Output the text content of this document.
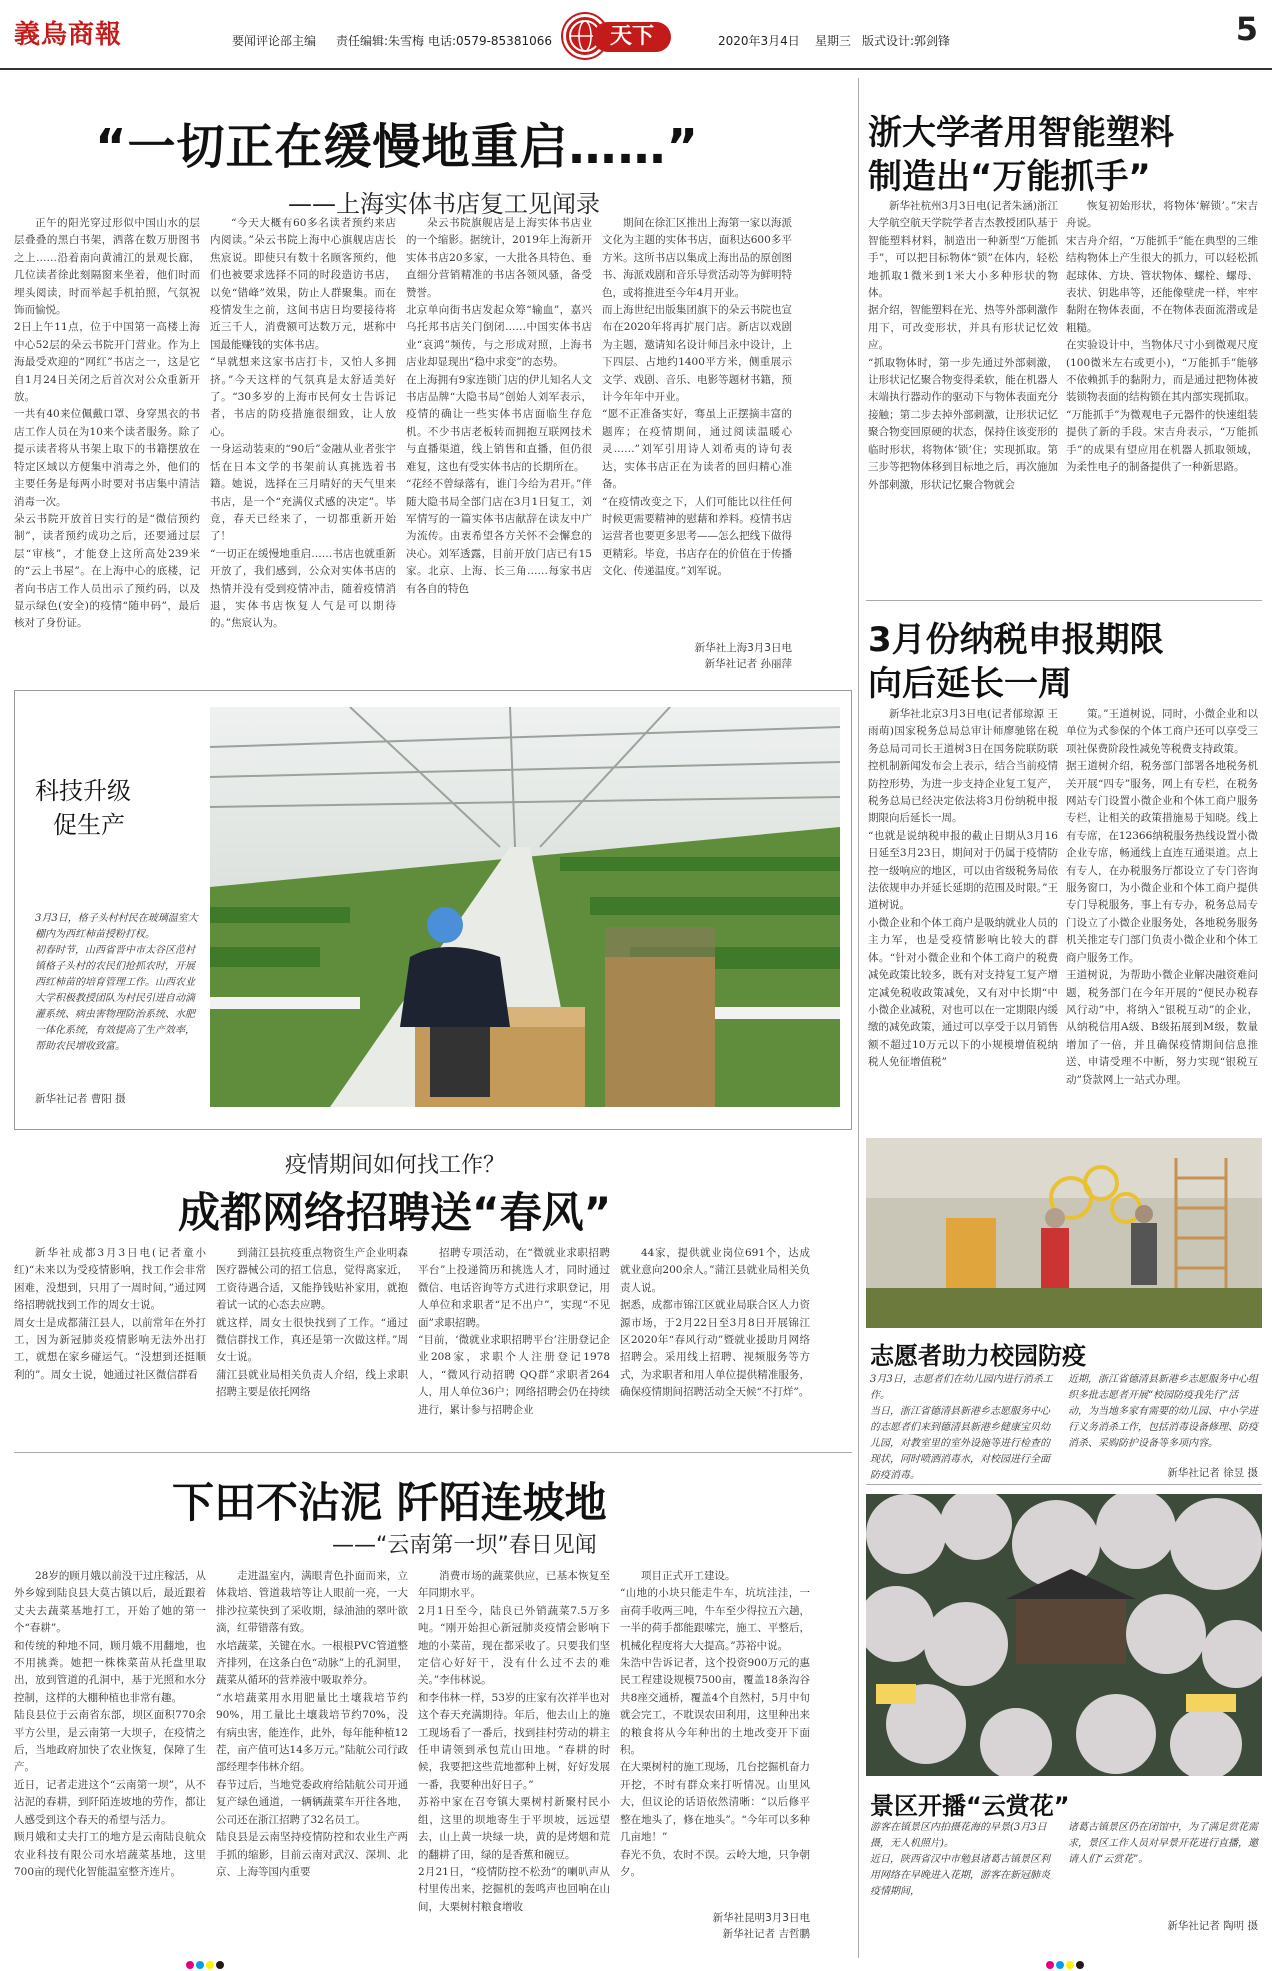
義烏商報	要闻评论部主编 责任编辑:朱雪梅 电话:0579-85381066	天下	2020年3月4日 星期三 版式设计:郭剑锋	5
“一切正在缓慢地重启……”
——上海实体书店复工见闻录

正午的阳光穿过形似中国山水的层层叠叠的黑白书架，洒落在数万册图书之上……沿着南向黄浦江的景观长廊，几位读者徐此刻隔窗来坐着，他们时而埋头阅读，时而举起手机拍照，气氛祝饰而愉悦。
2日上午11点，位于中国第一高楼上海中心52层的朵云书院开门营业。作为上海最受欢迎的“网红”书店之一，这是它自1月24日关闭之后首次对公众重新开放。
一共有40来位佩戴口罩、身穿黑衣的书店工作人员在为10来个读者服务。除了提示读者将从书架上取下的书籍摆放在特定区域以方便集中消毒之外，他们的主要任务是每两小时要对书店集中清洁消毒一次。
朵云书院开放首日实行的是“微信预约制”，读者预约成功之后，还要通过层层“审核”，才能登上这所高处239米的“云上书屋”。在上海中心的底楼，记者向书店工作人员出示了预约码，以及显示绿色(安全)的疫情“随申码”，最后核对了身份证。

“今天大概有60多名读者预约来店内阅读。”朵云书院上海中心旗舰店店长焦宸说。即使只有数十名顾客预约，他们也被要求选择不同的时段造访书店，以免“错峰”效果，防止人群聚集。而在疫情发生之前，这间书店日均要接待将近三千人，消费额可达数万元，堪称中国最能赚钱的实体书店。
“早就想来这家书店打卡，又怕人多拥挤。”今天这样的气氛真是太舒适美好了。“30多岁的上海市民何女士告诉记者，书店的防疫措施很细致，让人放心。
一身运动装束的“90后”金融从业者张宇恬在日本文学的书架前认真挑选着书籍。她说，选择在三月晴好的天气里来书店，是一个“充满仪式感的决定”。毕竟，春天已经来了，一切都重新开始了！
“一切正在缓慢地重启……书店也就重新开放了，我们感到，公众对实体书店的热情并没有受到疫情冲击，随着疫情消退，实体书店恢复人气是可以期待的。”焦宸认为。

朵云书院旗舰店是上海实体书店业的一个缩影。据统计，2019年上海新开实体书店20多家，一大批各具特色、垂直细分营销精准的书店各领风骚，备受赞誉。
北京单向街书店发起众筹“输血”，嘉兴乌托邦书店关门倒闭……中国实体书店业“哀鸿”频传，与之形成对照，上海书店业却显现出“稳中求变”的态势。
在上海拥有9家连锁门店的伊儿知名人文书店品牌“大隐书局”创始人刘军表示，疫情的确让一些实体书店面临生存危机。不少书店老板转而拥抱互联网技术与直播渠道，线上销售和直播，但仍很难复，这也有受实体书店的长期所在。
“花经不曾绿落有，谁门今给为君开。”伴随大隐书局全部门店在3月1日复工，刘军情写的一篇实体书店献辞在读友中广为流传。由衷希望各方关怀不会懈怠的决心。刘军透露，目前开放门店已有15家。北京、上海、长三角……每家书店有各自的特色

期间在徐汇区推出上海第一家以海派文化为主题的实体书店，面积达600多平方米。这所书店以集成上海出品的原创图书、海派戏剧和音乐导赏活动等为鲜明特色，或将推进至今年4月开业。
而上海世纪出版集团旗下的朵云书院也宣布在2020年将再扩展门店。新店以戏剧为主题，邀请知名设计师吕永中设计，上下四层、占地约1400平方米，侧重展示文学、戏剧、音乐、电影等题材书籍，预计今年年中开业。
“愿不正准备实好，骞虽上正摆摘丰富的题库；在疫情期间，通过阅读温暖心灵……”刘军引用诗人刘希夷的诗句表达，实体书店正在为读者的回归精心准备。
“在疫情改变之下，人们可能比以往任何时候更需要精神的慰藉和养料。疫情书店运营者也要更多思考——怎么把线下做得更精彩。毕竟，书店存在的价值在于传播文化、传递温度。”刘军说。

新华社上海3月3日电
新华社记者 孙丽萍
浙大学者用智能塑料
制造出“万能抓手”

新华社杭州3月3日电(记者朱涵)浙江大学航空航天学院学者吉杰教授团队基于智能塑料材料，制造出一种新型“万能抓手”，可以把目标物体“锁”在体内，轻松地抓取1微米到1米大小多种形状的物体。
据介绍，智能塑料在光、热等外部刺激作用下，可改变形状，并具有形状记忆效应。
“抓取物体时，第一步先通过外部刺激，让形状记忆聚合物变得柔软，能在机器人末端执行器动作的驱动下与物体表面充分接触；第二步去掉外部刺激，让形状记忆聚合物变回原硬的状态，保持住该变形的临时形状，将物体‘锁’住；实现抓取。第三步等把物体移到目标地之后，再次施加外部刺激，形状记忆聚合物就会

恢复初始形状，将物体‘解锁’。”宋吉舟说。
宋吉舟介绍，“万能抓手”能在典型的三维结构物体上产生很大的抓力，可以轻松抓起球体、方块、管状物体、螺栓、螺母、表状、钥匙串等，还能像壁虎一样，牢牢黏附在物体表面，不在物体表面流潜或是粗糙。
在实验设计中，当物体尺寸小到微观尺度(100微米左右或更小)，“万能抓手”能够不依赖抓手的黏附力，而是通过把物体被装锁物表面的结构锁在其内部实现抓取。
“万能抓手”为微观电子元器件的快速组装提供了新的手段。宋吉舟表示，“万能抓手”的成果有望应用在机器人抓取领域，为柔性电子的制备提供了一种新思路。

3月份纳税申报期限
向后延长一周

新华社北京3月3日电(记者郁琼源 王雨萌)国家税务总局总审计师廖驰铭在税务总局司司长王道树3日在国务院联防联控机制新闻发布会上表示，结合当前疫情防控形势，为进一步支持企业复工复产，税务总局已经决定依法将3月份纳税申报期限向后延长一周。
“也就是说纳税申报的截止日期从3月16日延至3月23日，期间对于仍属于疫情防控一级响应的地区，可以由省级税务局依法依规申办并延长延期的范围及时限。”王道树说。
小微企业和个体工商户是吸纳就业人员的主力军，也是受疫情影响比较大的群体。“针对小微企业和个体工商户的税费减免政策比较多，既有对支持复工复产增定减免税收政策减免，又有对中长期“中小微企业减税，对也可以在一定期限内缓缴的减免政策，通过可以享受于以月销售额不超过10万元以下的小规模增值税纳税人免征增值税”

策。”王道树说，同时，小微企业和以单位为式参保的个体工商户还可以享受三项社保费阶段性减免等税费支持政策。
据王道树介绍，税务部门部署各地税务机关开展“四专”服务，网上有专栏，在税务网站专门设置小微企业和个体工商户服务专栏，让相关的政策措施易于知晓。线上有专席，在12366纳税服务热线设置小微企业专席，畅通线上直连互通渠道。点上有专人，在办税服务厅都设立了专门咨询服务窗口，为小微企业和个体工商户提供专门导税服务，事上有专办，税务总局专门设立了小微企业服务处，各地税务服务机关推定专门部门负责小微企业和个体工商户服务工作。
王道树说，为帮助小微企业解决融资难问题，税务部门在今年开展的“便民办税春风行动”中，将纳入“银税互动”的企业，从纳税信用A级、B级拓展到M级，数量增加了一倍，并且确保疫情期间信息推送、申请受理不中断，努力实现“银税互动”贷款网上一站式办理。

科技升级
促生产
3月3日，格子头村村民在玻璃温室大棚内为西红柿苗授粉打杈。
初春时节，山西省晋中市太谷区范村镇格子头村的农民们抢抓农时，开展西红柿苗的培育管理工作。山西农业大学积极教授团队为村民引进自动滴灌系统、病虫害物理防治系统、水肥一体化系统，有效提高了生产效率，帮助农民增收致富。
新华社记者 曹阳 摄
疫情期间如何找工作？
成都网络招聘送“春风”

新华社成都3月3日电(记者童小红)“未来以为受疫情影响，找工作会非常困难，没想到，只用了一周时间，”通过网络招聘就找到工作的周女士说。
周女士是成都蒲江县人，以前常年在外打工，因为新冠肺炎疫情影响无法外出打工，就想在家乡碰运气。“没想到还挺顺利的”。周女士说，她通过社区微信群看

到蒲江县抗疫重点物资生产企业明森医疗器械公司的招工信息，觉得离家近，工资待遇合适，又能挣钱贴补家用，就抱着试一试的心态去应聘。
就这样，周女士很快找到了工作。“通过微信群找工作，真还是第一次做这样。”周女士说。
蒲江县就业局相关负责人介绍，线上求职招聘主要是依托网络

招聘专项活动，在“微就业求职招聘平台”上投递简历和挑选人才，同时通过微信、电话咨询等方式进行求职登记，用人单位和求职者“足不出户”，实现“不见面”求职招聘。
“目前，‘微就业求职招聘平台’注册登记企业208家，求职个人注册登记1978人，“微风行动招聘 QQ群”求职者264人，用人单位36户；网络招聘会仍在持续进行，累计参与招聘企业

44家，提供就业岗位691个，达成就业意向200余人。”蒲江县就业局相关负责人说。
据悉，成都市锦江区就业局联合区人力资源市场，于2月22日至3月8日开展锦江区2020年“春风行动”暨就业援助月网络招聘会。采用线上招聘、视频服务等方式，为求职者和用人单位提供精准服务，确保疫情期间招聘活动全天候“不打烊”。

志愿者助力校园防疫
3月3日，志愿者们在幼儿园内进行消杀工作。
当日，浙江省德清县新港乡志愿服务中心的志愿者们来到德清县新港乡健康宝贝幼儿园，对教室里的室外设施等进行检查的现状，同时喷洒消毒水，对校园进行全面防疫消毒。
近期，浙江省德清县新港乡志愿服务中心组织多批志愿者开展“校园防疫我先行”活动，为当地多家有需要的幼儿园、中小学进行义务消杀工作，包括消毒设备修理、防疫消杀、采购防护设备等多项内容。
新华社记者 徐昱 摄
下田不沾泥 阡陌连坡地
——“云南第一坝”春日见闻

28岁的顾月娥以前没干过庄稼活，从外乡嫁到陆良县大莫古镇以后，最近跟着丈夫去蔬菜基地打工，开始了她的第一个“春耕”。
和传统的种地不同，顾月娥不用翻地，也不用挑粪。她把一株株菜苗从托盘里取出，放到管道的孔洞中，基于光照和水分控制，这样的大棚种植也非常有趣。
陆良县位于云南省东部，坝区面积770余平方公里，是云南第一大坝子，在疫情之后，当地政府加快了农业恢复，保障了生产。
近日，记者走进这个“云南第一坝”，从不沾泥的春耕，到阡陌连坡地的劳作，都让人感受到这个春天的希望与活力。
顾月娥和丈夫打工的地方是云南陆良航众农业科技有限公司水培蔬菜基地，这里700亩的现代化智能温室整齐连片。

走进温室内，满眼青色扑面而来，立体栽培、管道栽培等让人眼前一亮，一大排沙拉菜快到了采收期，绿油油的翠叶欲滴，红带错落有致。
水培蔬菜，关键在水。一根根PVC管道整齐排列，在这条白色“动脉”上的孔洞里，蔬菜从循环的营养液中吸取养分。
“水培蔬菜用水用肥量比土壤栽培节约90%，用工量比土壤栽培节约70%，没有病虫害，能连作，此外，每年能种植12茬，亩产值可达14多万元。”陆航公司行政部经理李伟林介绍。
春节过后，当地党委政府给陆航公司开通复产绿色通道，一辆辆蔬菜车开往各地，公司还在浙江招聘了32名员工。
陆良县是云南坚持疫情防控和农业生产两手抓的缩影，目前云南对武汉、深圳、北京、上海等国内重要

消费市场的蔬菜供应，已基本恢复至年同期水平。
2月1日至今，陆良已外销蔬菜7.5万多吨。“刚开始担心新冠肺炎疫情会影响下地的小菜苗，现在都采收了。只要我们坚定信心好好干，没有什么过不去的难关。”李伟林说。
和李伟林一样，53岁的庄家有次祥半也对这个春天充满期待。年后，他去山上的施工现场看了一番后，找到挂村劳动的耕主任申请领到承包荒山田地。“春耕的时候，我要把这些荒地都种上树，好好发展一番，我要种出好日子。”
苏裕中家在召夸镇大栗树村新聚村民小组，这里的坝地寄生于平坝坡，远远望去，山上黄一块绿一块，黄的是烤烟和荒的翻耕了田，绿的是香蕉和碗豆。
2月21日，“疫情防控不松劲”的喇叭声从村里传出来，挖掘机的轰鸣声也回响在山间，大栗树村粮食增收

项目正式开工建设。
“山地的小块只能走牛车，坑坑洼洼，一亩荷手收两三吨，牛车至少得拉五六趟，一半的荷手都能跟嗦完，施工、平整后，机械化程度将大大提高。”苏裕中说。
朱浩中告诉记者，这个投资900万元的惠民工程建设规模7500亩，覆盖18条沟谷共8座交通桥，覆盖4个自然村，5月中旬就会完工，不耽误农田利用，这里种出来的粮食将从今年种出的土地改变开下面积。
在大栗树村的施工现场，几台挖掘机奋力开挖，不时有群众来打听情况。山里风大，但议论的话语依然清晰：“以后修平整在地头了，修在地头”。“今年可以多种几亩地！”
春光不负，农时不误。云岭大地，只争朝夕。

新华社昆明3月3日电
新华社记者 吉哲鹏
景区开播“云赏花”
游客在镇景区内拍摄花海的早景(3月3日摄，无人机照片)。
近日，陕西省汉中市勉县诸葛古镇景区利用网络在早晚进入花期，游客在新冠肺炎疫情期间，
诸葛古镇景区仍在闭馆中，为了满足赏花需求，景区工作人员对早景开花进行直播，邀请人们“云赏花”。
新华社记者 陶明 摄
